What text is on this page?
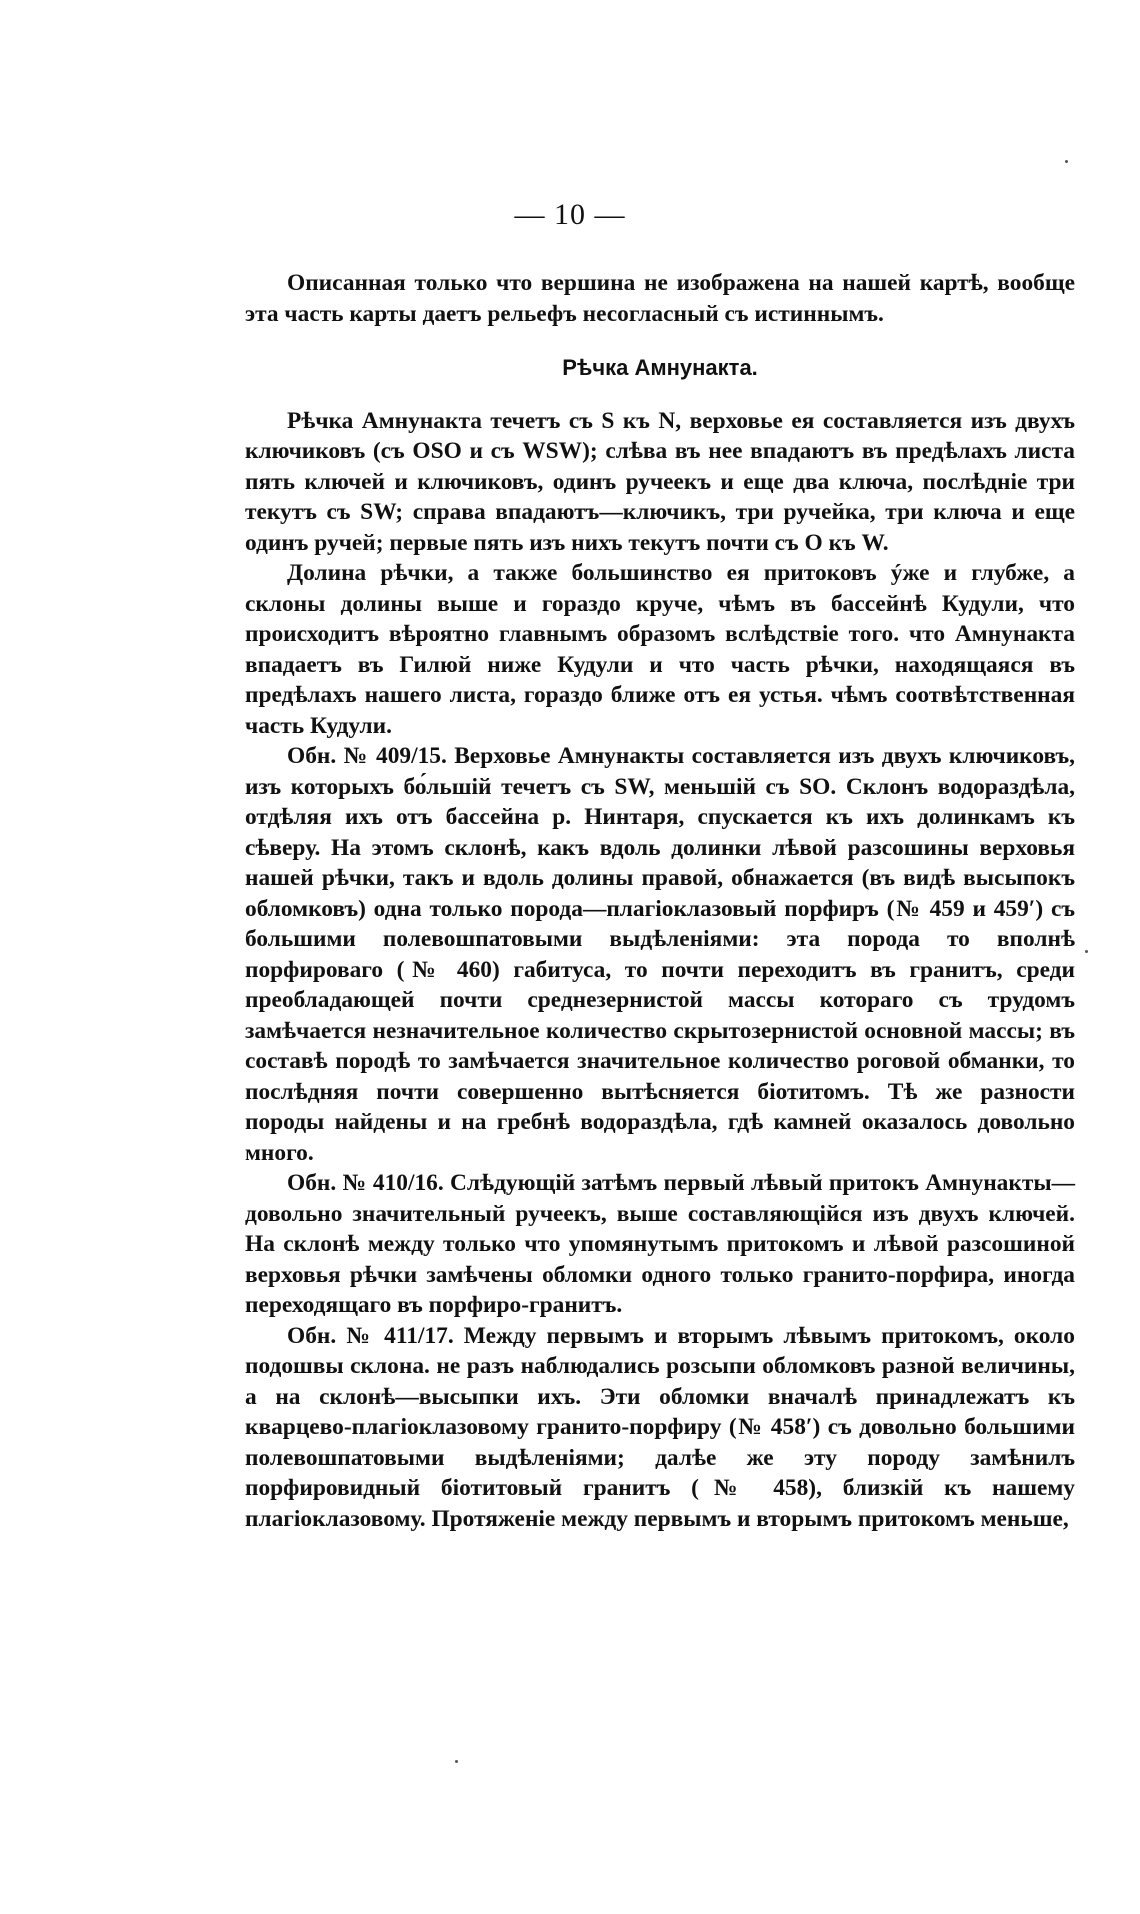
— 10 —

Описанная только что вершина не изображена на нашей картѣ, вообще эта часть карты даетъ рельефъ несогласный съ истиннымъ.

Рѣчка Амнунакта.

Рѣчка Амнунакта течетъ съ S къ N, верховье ея составляется изъ двухъ ключиковъ (съ OSO и съ WSW); слѣва въ нее впадаютъ въ предѣлахъ листа пять ключей и ключиковъ, одинъ ручеекъ и еще два ключа, послѣдніе три текутъ съ SW; справа впадаютъ—ключикъ, три ручейка, три ключа и еще одинъ ручей; первые пять изъ нихъ текутъ почти съ О къ W.

Долина рѣчки, а также большинство ея притоковъ ýже и глубже, а склоны долины выше и гораздо круче, чѣмъ въ бассейнѣ Кудули, что происходитъ вѣроятно главнымъ образомъ вслѣдствіе того. что Амнунакта впадаетъ въ Гилюй ниже Кудули и что часть рѣчки, находящаяся въ предѣлахъ нашего листа, гораздо ближе отъ ея устья. чѣмъ соотвѣтственная часть Кудули.

Обн. № 409/15. Верховье Амнунакты составляется изъ двухъ ключиковъ, изъ которыхъ бо́льшій течетъ съ SW, меньшій съ SO. Склонъ водораздѣла, отдѣляя ихъ отъ бассейна р. Нинтаря, спускается къ ихъ долинкамъ къ сѣверу. На этомъ склонѣ, какъ вдоль долинки лѣвой разсошины верховья нашей рѣчки, такъ и вдоль долины правой, обнажается (въ видѣ высыпокъ обломковъ) одна только порода—плагіоклазовый порфиръ (№ 459 и 459′) съ большими полевошпатовыми выдѣленіями: эта порода то вполнѣ порфироваго (№ 460) габитуса, то почти переходитъ въ гранитъ, среди преобладающей почти среднезернистой массы котораго съ трудомъ замѣчается незначительное количество скрытозернистой основной массы; въ составѣ породѣ то замѣчается значительное количество роговой обманки, то послѣдняя почти совершенно вытѣсняется біотитомъ. Тѣ же разности породы найдены и на гребнѣ водораздѣла, гдѣ камней оказалось довольно много.

Обн. № 410/16. Слѣдующій затѣмъ первый лѣвый притокъ Амнунакты—довольно значительный ручеекъ, выше составляющійся изъ двухъ ключей. На склонѣ между только что упомянутымъ притокомъ и лѣвой разсошиной верховья рѣчки замѣчены обломки одного только гранито-порфира, иногда переходящаго въ порфиро-гранитъ.

Обн. № 411/17. Между первымъ и вторымъ лѣвымъ притокомъ, около подошвы склона. не разъ наблюдались розсыпи обломковъ разной величины, а на склонѣ—высыпки ихъ. Эти обломки вначалѣ принадлежатъ къ кварцево-плагіоклазовому гранито-порфиру (№ 458′) съ довольно большими полевошпатовыми выдѣленіями; далѣе же эту породу замѣнилъ порфировидный біотитовый гранитъ (№ 458), близкій къ нашему плагіоклазовому. Протяженіе между первымъ и вторымъ притокомъ меньше,
